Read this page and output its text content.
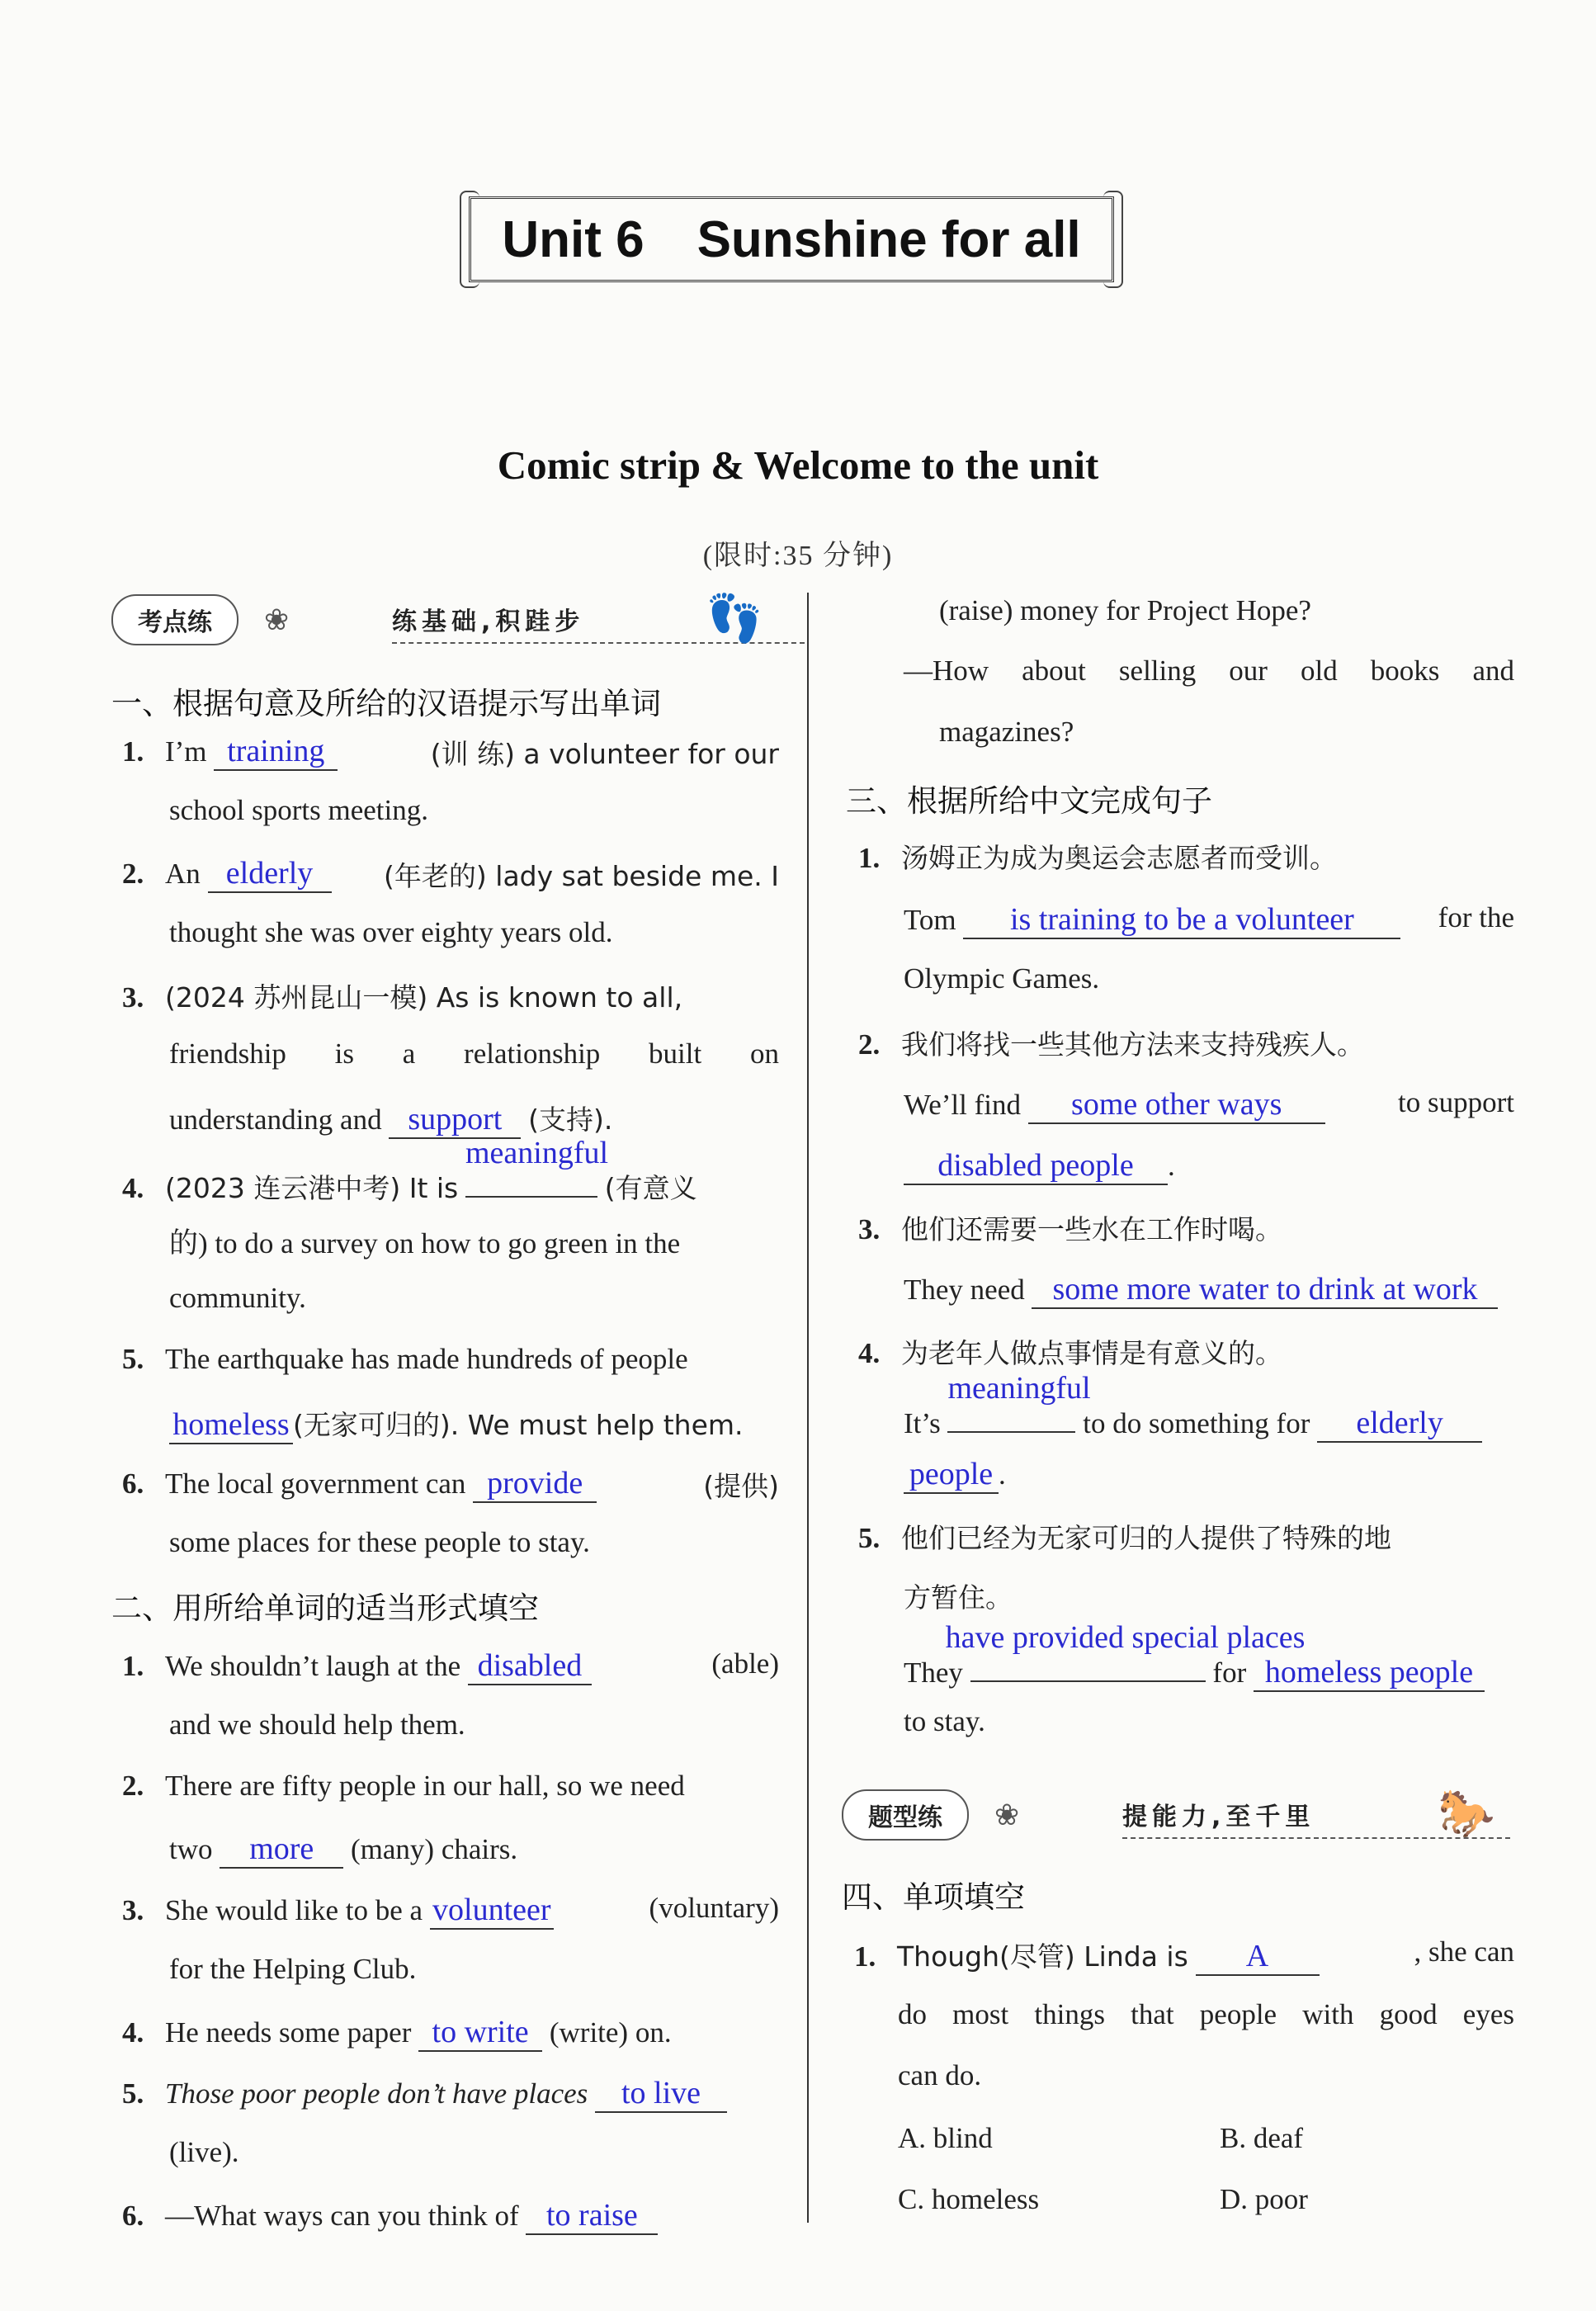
Unit 6 Sunshine for all
Comic strip & Welcome to the unit
(限时:35 分钟)
考点练	❀	练基础,积跬步	👣
一、根据句意及所给的汉语提示写出单词
1. I’m training	(训 练) a volunteer for our
school sports meeting.
2. An elderly	(年老的) lady sat beside me. I
thought she was over eighty years old.
3. (2024 苏州昆山一模) As is known to all,
friendship is a relationship built on
understanding and support (支持).
4. (2023 连云港中考) It is
meaningful
(有意义
的) to do a survey on how to go green in the
community.
5. The earthquake has made hundreds of people
homeless (无家可归的). We must help them.
6. The local government can provide	(提供)
some places for these people to stay.
二、用所给单词的适当形式填空
1. We shouldn’t laugh at the disabled	(able)
and we should help them.
2. There are fifty people in our hall, so we need
two more (many) chairs.
3. She would like to be a volunteer	(voluntary)
for the Helping Club.
4. He needs some paper to write (write) on.
5. Those poor people don’t have places to live
(live).
6. —What ways can you think of to raise
(raise) money for Project Hope?
—How about selling our old books and
magazines?
三、根据所给中文完成句子
1. 汤姆正为成为奥运会志愿者而受训。
Tom is training to be a volunteer	for the
Olympic Games.
2. 我们将找一些其他方法来支持残疾人。
We’ll find some other ways	to support
disabled people .
3. 他们还需要一些水在工作时喝。
They need some more water to drink at work
4. 为老年人做点事情是有意义的。
It’s
meaningful
to do something for elderly
people .
5. 他们已经为无家可归的人提供了特殊的地
方暂住。
They
have provided special places
for homeless people
to stay.
题型练	❀	提能力,至千里	🐎
四、单项填空
1. Though(尽管) Linda is A	, she can
do most things that people with good eyes
can do.
A. blind	B. deaf
C. homeless	D. poor
